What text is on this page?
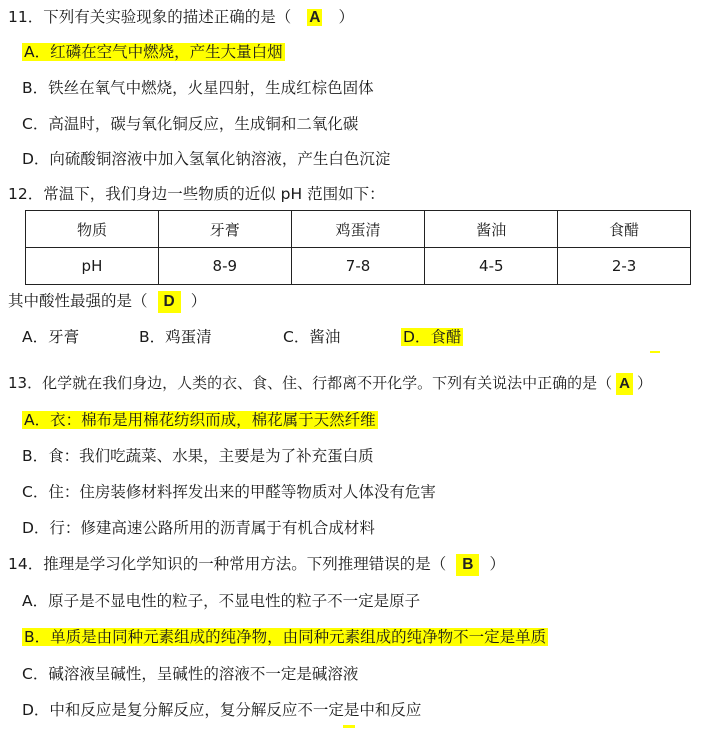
11．下列有关实验现象的描述正确的是（ A ）
A．红磷在空气中燃烧，产生大量白烟
B．铁丝在氧气中燃烧，火星四射，生成红棕色固体
C．高温时，碳与氧化铜反应，生成铜和二氧化碳
D．向硫酸铜溶液中加入氢氧化钠溶液，产生白色沉淀
12．常温下，我们身边一些物质的近似 pH 范围如下：
物质	牙膏	鸡蛋清	酱油	食醋
pH	8-9	7-8	4-5	2-3
其中酸性最强的是（ D ）
A．牙膏	B．鸡蛋清	C．酱油	D．食醋
13．化学就在我们身边，人类的衣、食、住、行都离不开化学。下列有关说法中正确的是（ A ）
A．衣：棉布是用棉花纺织而成，棉花属于天然纤维
B．食：我们吃蔬菜、水果，主要是为了补充蛋白质
C．住：住房装修材料挥发出来的甲醛等物质对人体没有危害
D．行：修建高速公路所用的沥青属于有机合成材料
14．推理是学习化学知识的一种常用方法。下列推理错误的是（ B ）
A．原子是不显电性的粒子，不显电性的粒子不一定是原子
B．单质是由同种元素组成的纯净物，由同种元素组成的纯净物不一定是单质
C．碱溶液呈碱性，呈碱性的溶液不一定是碱溶液
D．中和反应是复分解反应，复分解反应不一定是中和反应
